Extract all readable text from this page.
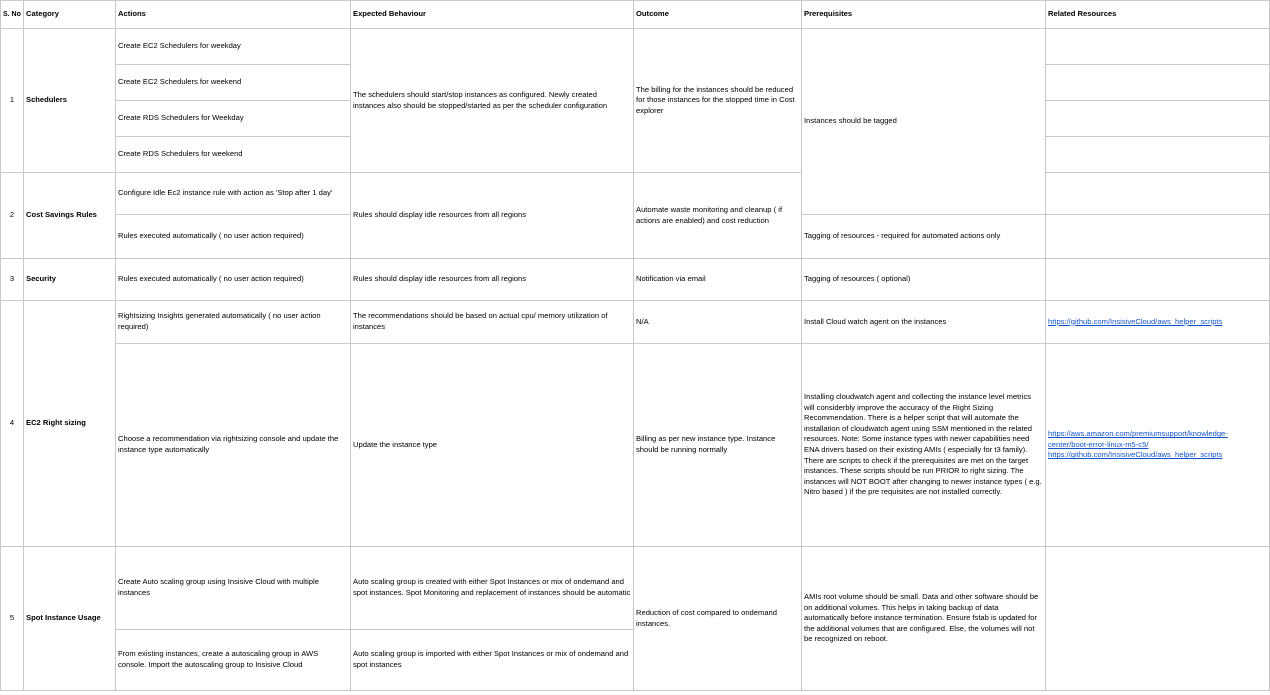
S. No	Category	Actions	Expected Behaviour	Outcome	Prerequisites	Related Resources
1	Schedulers	Create EC2 Schedulers for weekday	The schedulers should start/stop instances as configured. Newly created instances also should be stopped/started as per the scheduler configuration	The billing for the instances should be reduced for those instances for the stopped time in Cost explorer	Instances should be tagged	
		Create EC2 Schedulers for weekend				
		Create RDS Schedulers for Weekday				
		Create RDS Schedulers for weekend				
2	Cost Savings Rules	Configure Idle Ec2 instance rule with action as 'Stop after 1 day'	Rules should display idle resources from all regions	Automate waste monitoring and cleanup ( if actions are enabled) and cost reduction		
		Rules executed automatically ( no user action required)			Tagging of resources - required for automated actions only	
3	Security	Rules executed automatically ( no user action required)	Rules should display idle resources from all regions	Notification via email	Tagging of resources ( optional)	
4	EC2 Right sizing	Rightsizing Insights generated automatically ( no user action required)	The recommendations should be based on actual cpu/ memory utilization of instances	N/A	Install Cloud watch agent on the instances	https://github.com/InsisiveCloud/aws_helper_scripts
		Choose a recommendation via rightsizing console and update the instance type automatically	Update the instance type	Billing as per new instance type. Instance should be running normally	Installing cloudwatch agent and collecting the instance level metrics will considerbly improve the accuracy of the Right Sizing Recommendation. There is a helper script that will automate the installation of cloudwatch agent using SSM mentioned in the related resources. Note: Some instance types with newer capabilities need ENA drivers based on their existing AMIs ( especially for t3 family). There are scripts to check if the prerequisites are met on the target instances. These scripts should be run PRIOR to right sizing. The instances will NOT BOOT after changing to newer instance types ( e.g. Nitro based ) if the pre requisites are not installed correctly.	https://aws.amazon.com/premiumsupport/knowledge-center/boot-error-linux-m5-c5/
https://github.com/InsisiveCloud/aws_helper_scripts
5	Spot Instance Usage	Create Auto scaling group using Insisive Cloud with multiple instances	Auto scaling group is created with either Spot Instances or mix of ondemand and spot instances. Spot Monitoring and replacement of instances should be automatic	Reduction of cost compared to ondemand instances.	AMIs root volume should be small. Data and other software should be on additional volumes. This helps in taking backup of data automatically before instance termination. Ensure fstab is updated for the additional volumes that are configured. Else, the volumes will not be recognized on reboot.	
		From existing instances, create a autoscaling group in AWS console. Import the autoscaling group to Insisive Cloud	Auto scaling group is imported with either Spot Instances or mix of ondemand and spot instances			
